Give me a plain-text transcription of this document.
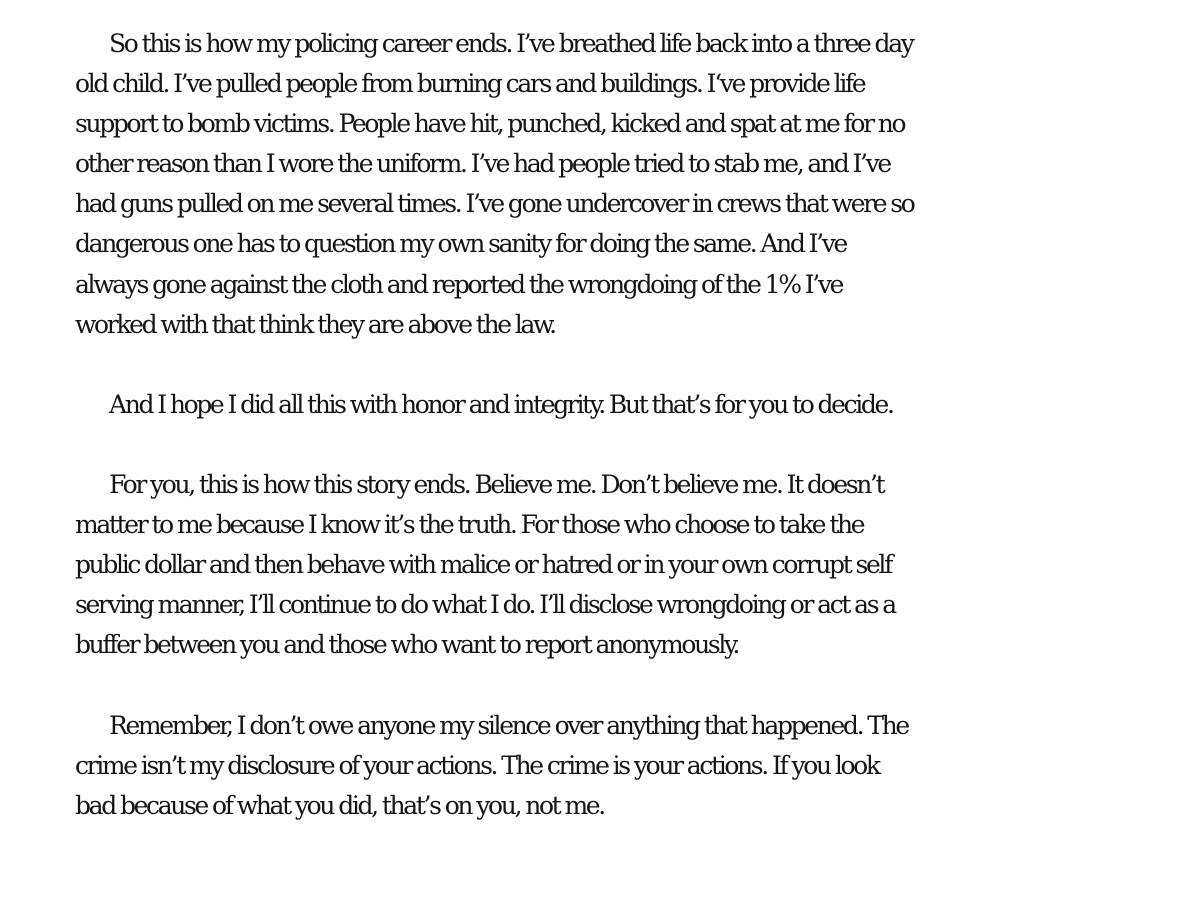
So this is how my policing career ends. I’ve breathed life back into a three day
old child. I’ve pulled people from burning cars and buildings. I‘ve provide life
support to bomb victims. People have hit, punched, kicked and spat at me for no
other reason than I wore the uniform. I’ve had people tried to stab me, and I’ve
had guns pulled on me several times. I’ve gone undercover in crews that were so
dangerous one has to question my own sanity for doing the same. And I’ve
always gone against the cloth and reported the wrongdoing of the 1% I’ve
worked with that think they are above the law.

And I hope I did all this with honor and integrity. But that’s for you to decide.

For you, this is how this story ends. Believe me. Don’t believe me. It doesn’t
matter to me because I know it’s the truth. For those who choose to take the
public dollar and then behave with malice or hatred or in your own corrupt self
serving manner, I’ll continue to do what I do. I’ll disclose wrongdoing or act as a
buffer between you and those who want to report anonymously.

Remember, I don’t owe anyone my silence over anything that happened. The
crime isn’t my disclosure of your actions. The crime is your actions. If you look
bad because of what you did, that’s on you, not me.
